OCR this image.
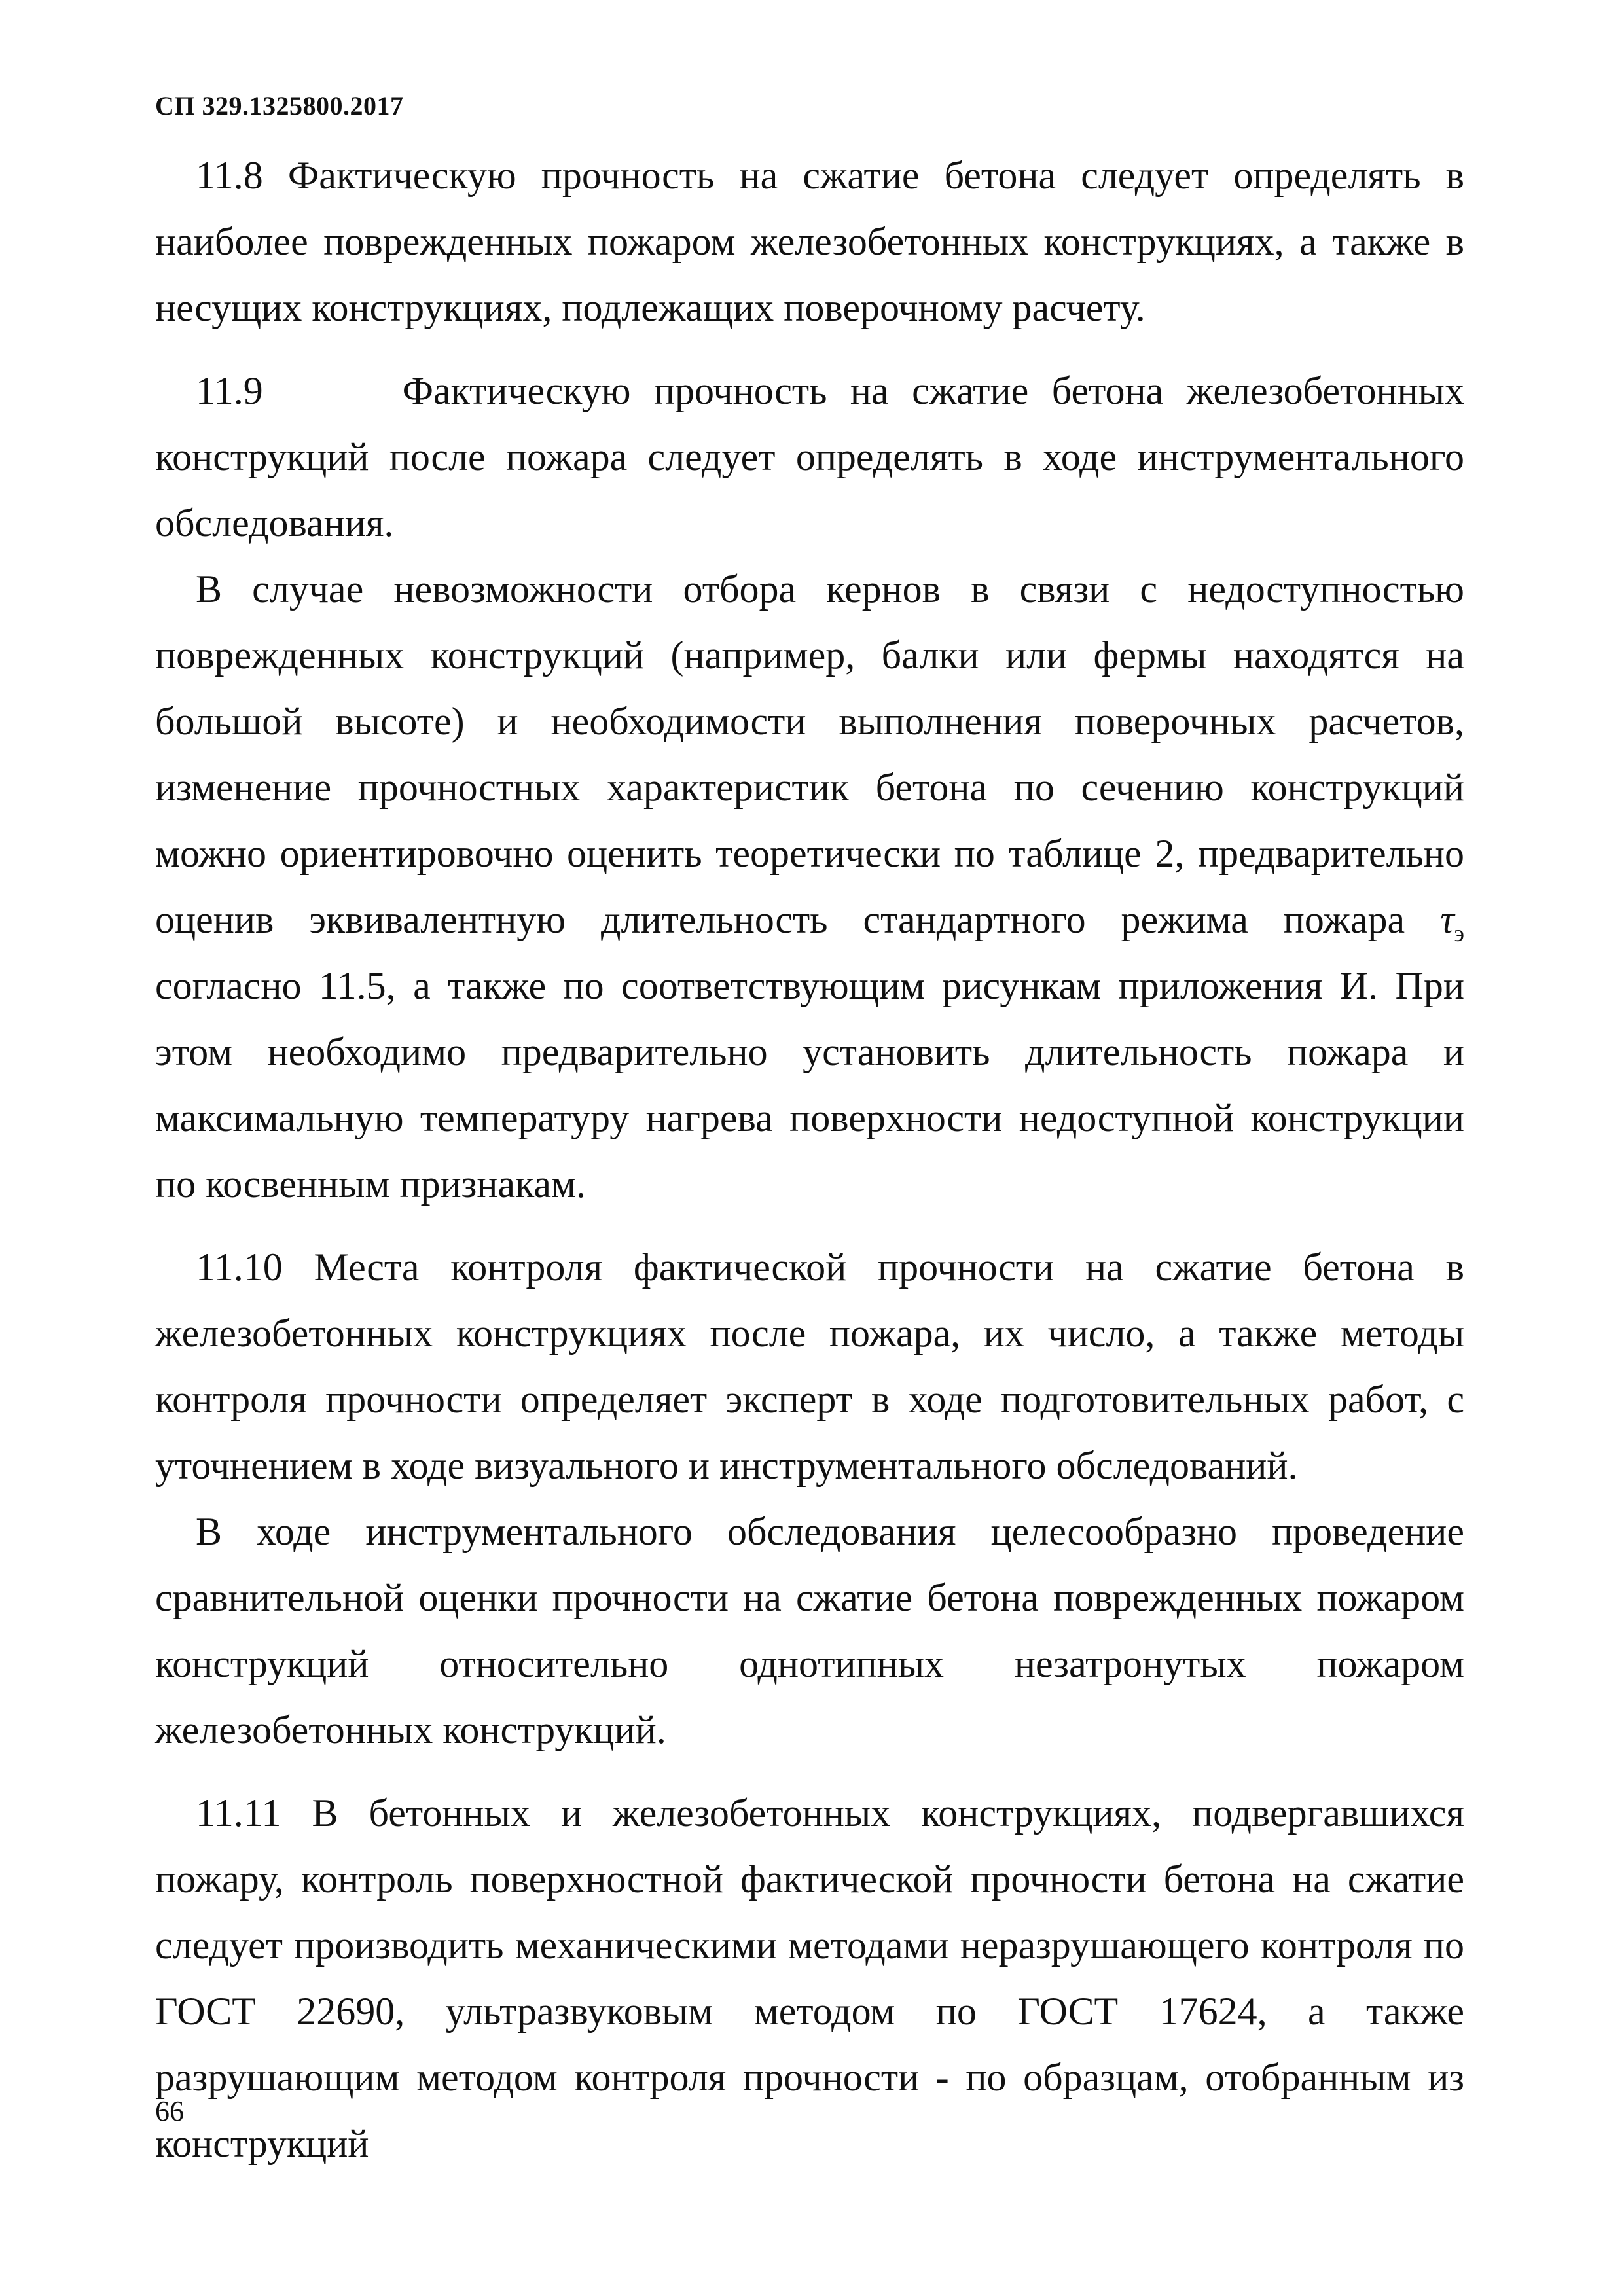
СП 329.1325800.2017

11.8 Фактическую прочность на сжатие бетона следует определять в наиболее поврежденных пожаром железобетонных конструкциях, а также в несущих конструкциях, подлежащих поверочному расчету.

11.9	Фактическую прочность на сжатие бетона железобетонных конструкций после пожара следует определять в ходе инструментального обследования.

В случае невозможности отбора кернов в связи с недоступностью поврежденных конструкций (например, балки или фермы находятся на большой высоте) и необходимости выполнения поверочных расчетов, изменение прочностных характеристик бетона по сечению конструкций можно ориентировочно оценить теоретически по таблице 2, предварительно оценив эквивалентную длительность стандартного режима пожара $\tau_э$ согласно 11.5, а также по соответствующим рисункам приложения И. При этом необходимо предварительно установить длительность пожара и максимальную температуру нагрева поверхности недоступной конструкции по косвенным признакам.

11.10 Места контроля фактической прочности на сжатие бетона в железобетонных конструкциях после пожара, их число, а также методы контроля прочности определяет эксперт в ходе подготовительных работ, с уточнением в ходе визуального и инструментального обследований.

В ходе инструментального обследования целесообразно проведение сравнительной оценки прочности на сжатие бетона поврежденных пожаром конструкций относительно однотипных незатронутых пожаром железобетонных конструкций.

11.11 В бетонных и железобетонных конструкциях, подвергавшихся пожару, контроль поверхностной фактической прочности бетона на сжатие следует производить механическими методами неразрушающего контроля по ГОСТ 22690, ультразвуковым методом по ГОСТ 17624, а также разрушающим методом контроля прочности - по образцам, отобранным из конструкций

66
